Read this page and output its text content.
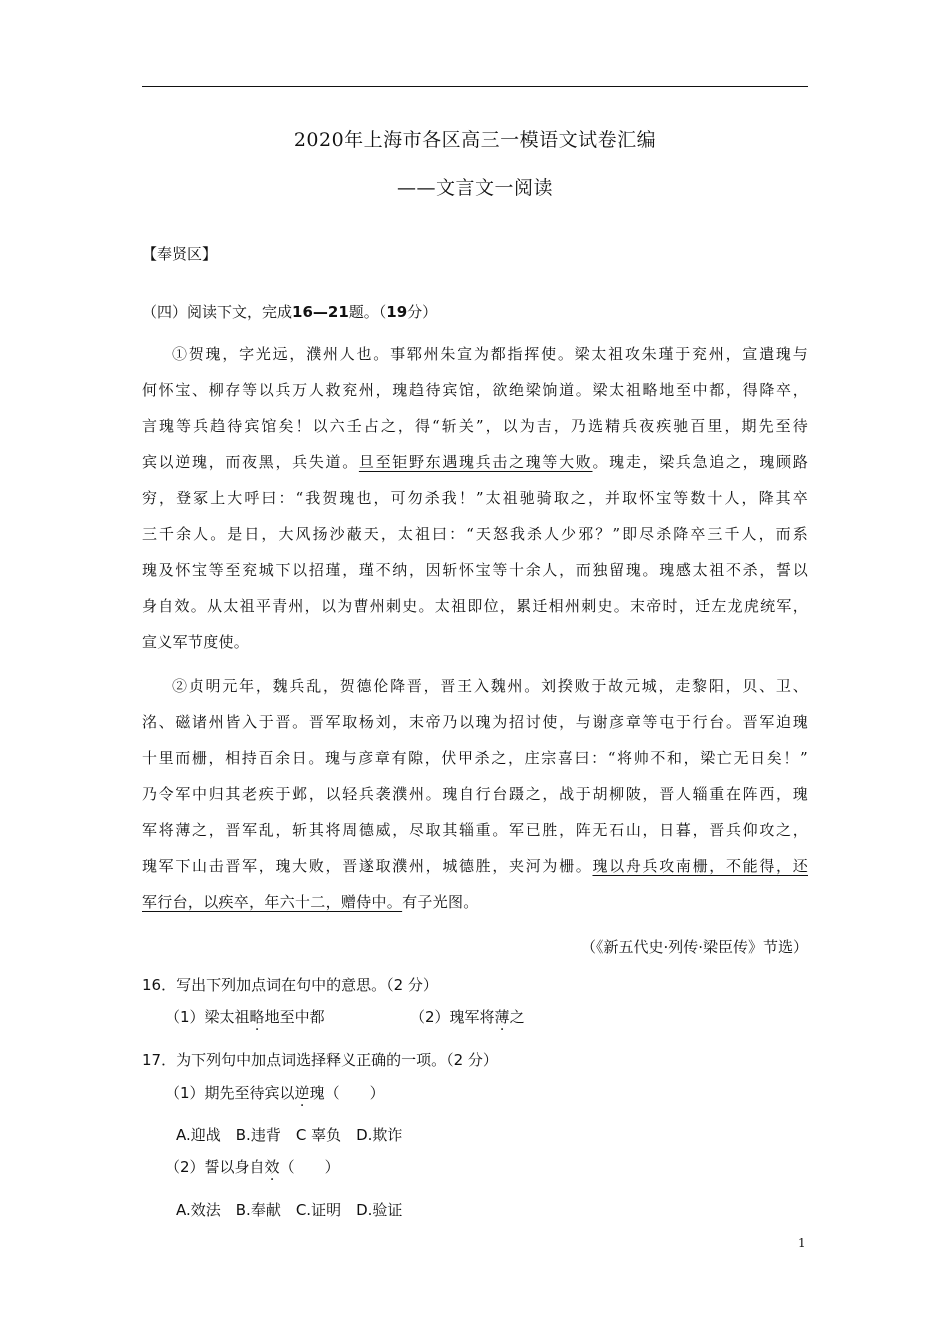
2020年上海市各区高三一模语文试卷汇编
——文言文一阅读
【奉贤区】
（四）阅读下文，完成16—21题。（19分）
①贺瑰，字光远，濮州人也。事郓州朱宣为都指挥使。梁太祖攻朱瑾于兖州，宣遣瑰与
何怀宝、柳存等以兵万人救兖州，瑰趋待宾馆，欲绝梁饷道。梁太祖略地至中都，得降卒，
言瑰等兵趋待宾馆矣！以六壬占之，得“斩关”，以为吉，乃选精兵夜疾驰百里，期先至待
宾以逆瑰，而夜黑，兵失道。旦至钜野东遇瑰兵击之瑰等大败。瑰走，梁兵急追之，瑰顾路
穷，登冢上大呼曰：“我贺瑰也，可勿杀我！”太祖驰骑取之，并取怀宝等数十人，降其卒
三千余人。是日，大风扬沙蔽天，太祖曰：“天怒我杀人少邪？”即尽杀降卒三千人，而系
瑰及怀宝等至兖城下以招瑾，瑾不纳，因斩怀宝等十余人，而独留瑰。瑰感太祖不杀，誓以
身自效。从太祖平青州，以为曹州刺史。太祖即位，累迁相州刺史。末帝时，迁左龙虎统军，
宣义军节度使。
②贞明元年，魏兵乱，贺德伦降晋，晋王入魏州。刘揆败于故元城，走黎阳，贝、卫、
洺、磁诸州皆入于晋。晋军取杨刘，末帝乃以瑰为招讨使，与谢彦章等屯于行台。晋军迫瑰
十里而栅，相持百余日。瑰与彦章有隙，伏甲杀之，庄宗喜曰：“将帅不和，梁亡无日矣！”
乃令军中归其老疾于邺，以轻兵袭濮州。瑰自行台蹑之，战于胡柳陂，晋人辎重在阵西，瑰
军将薄之，晋军乱，斩其将周德威，尽取其辎重。军已胜，阵无石山，日暮，晋兵仰攻之，
瑰军下山击晋军，瑰大败，晋遂取濮州，城德胜，夹河为栅。瑰以舟兵攻南栅，不能得，还
军行台，以疾卒，年六十二，赠侍中。有子光图。
（《新五代史·列传·梁臣传》节选）
16．写出下列加点词在句中的意思。（2 分）
（1）梁太祖略地至中都	（2）瑰军将薄之
17．为下列句中加点词选择释义正确的一项。（2 分）
（1）期先至待宾以逆瑰（　　）
A.迎战　B.违背　C 辜负　D.欺诈
（2）誓以身自效（　　）
A.效法　B.奉献　C.证明　D.验证
1
